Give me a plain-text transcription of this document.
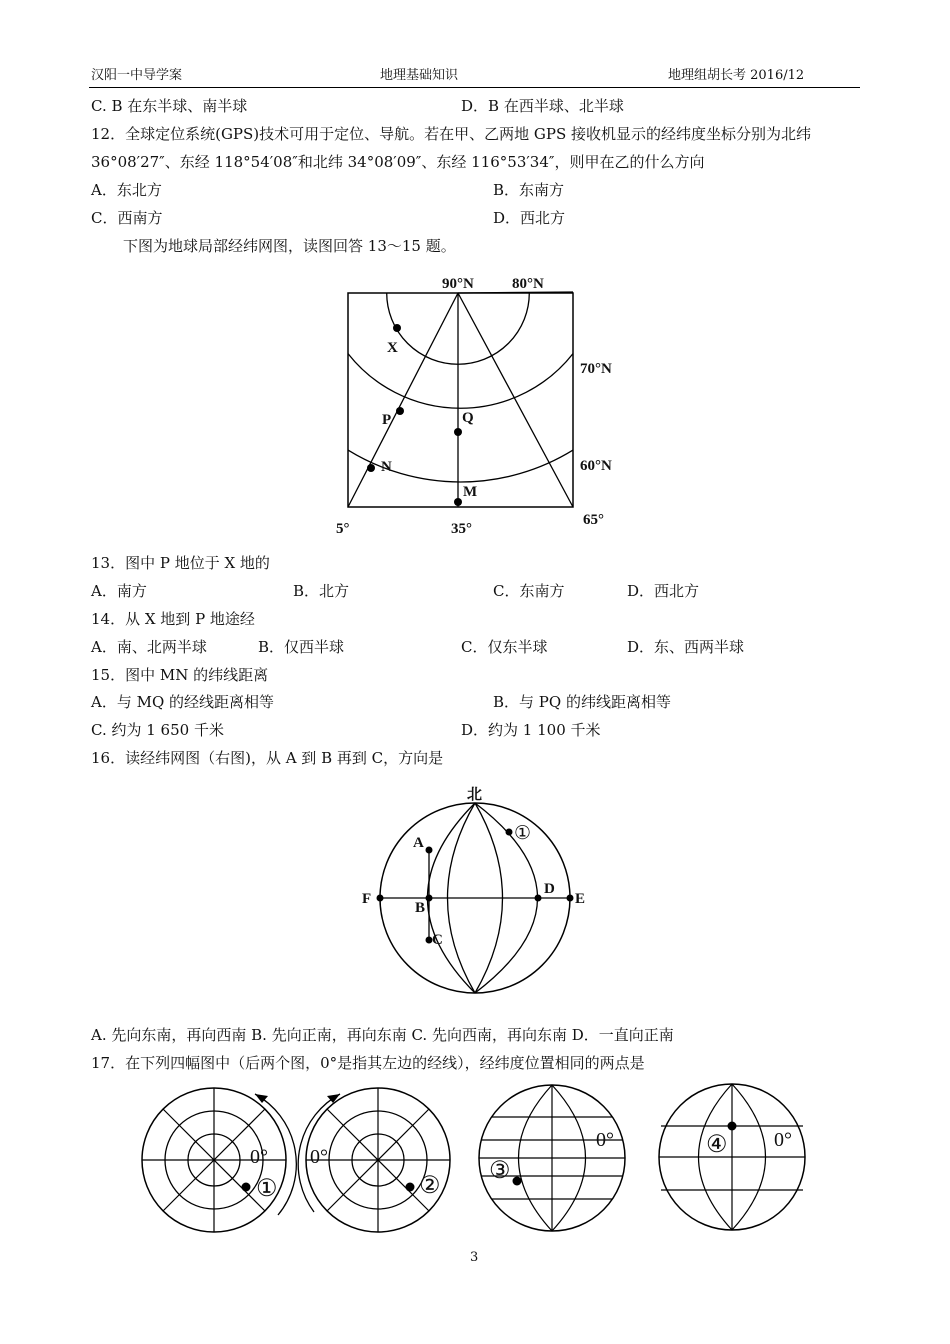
汉阳一中导学案	地理基础知识	地理组胡长考 2016/12
C. B 在东半球、南半球	D．B 在西半球、北半球
12．全球定位系统(GPS)技术可用于定位、导航。若在甲、乙两地 GPS 接收机显示的经纬度坐标分别为北纬
36°08′27″、东经 118°54′08″和北纬 34°08′09″、东经 116°53′34″，则甲在乙的什么方向
A．东北方	B．东南方
C．西南方	D．西北方
下图为地球局部经纬网图，读图回答 13～15 题。
90°N	80°N
70°N
60°N
65°
5°	35°
X
P	Q
N
M
13．图中 P 地位于 X 地的
A．南方	B．北方	C．东南方	D．西北方
14．从 X 地到 P 地途经
A．南、北两半球	B．仅西半球	C．仅东半球	D．东、西两半球
15．图中 MN 的纬线距离
A．与 MQ 的经线距离相等	B．与 PQ 的纬线距离相等
C. 约为 1 650 千米	D．约为 1 100 千米
16．读经纬网图（右图)，从 A 到 B 再到 C，方向是
北
A
B
C
D
E
F
①
A. 先向东南，再向西南 B. 先向正南，再向东南 C. 先向西南，再向东南 D．一直向正南
17．在下列四幅图中（后两个图，0°是指其左边的经线），经纬度位置相同的两点是
0°
①
0°
②
0°
③
0°
④
3
